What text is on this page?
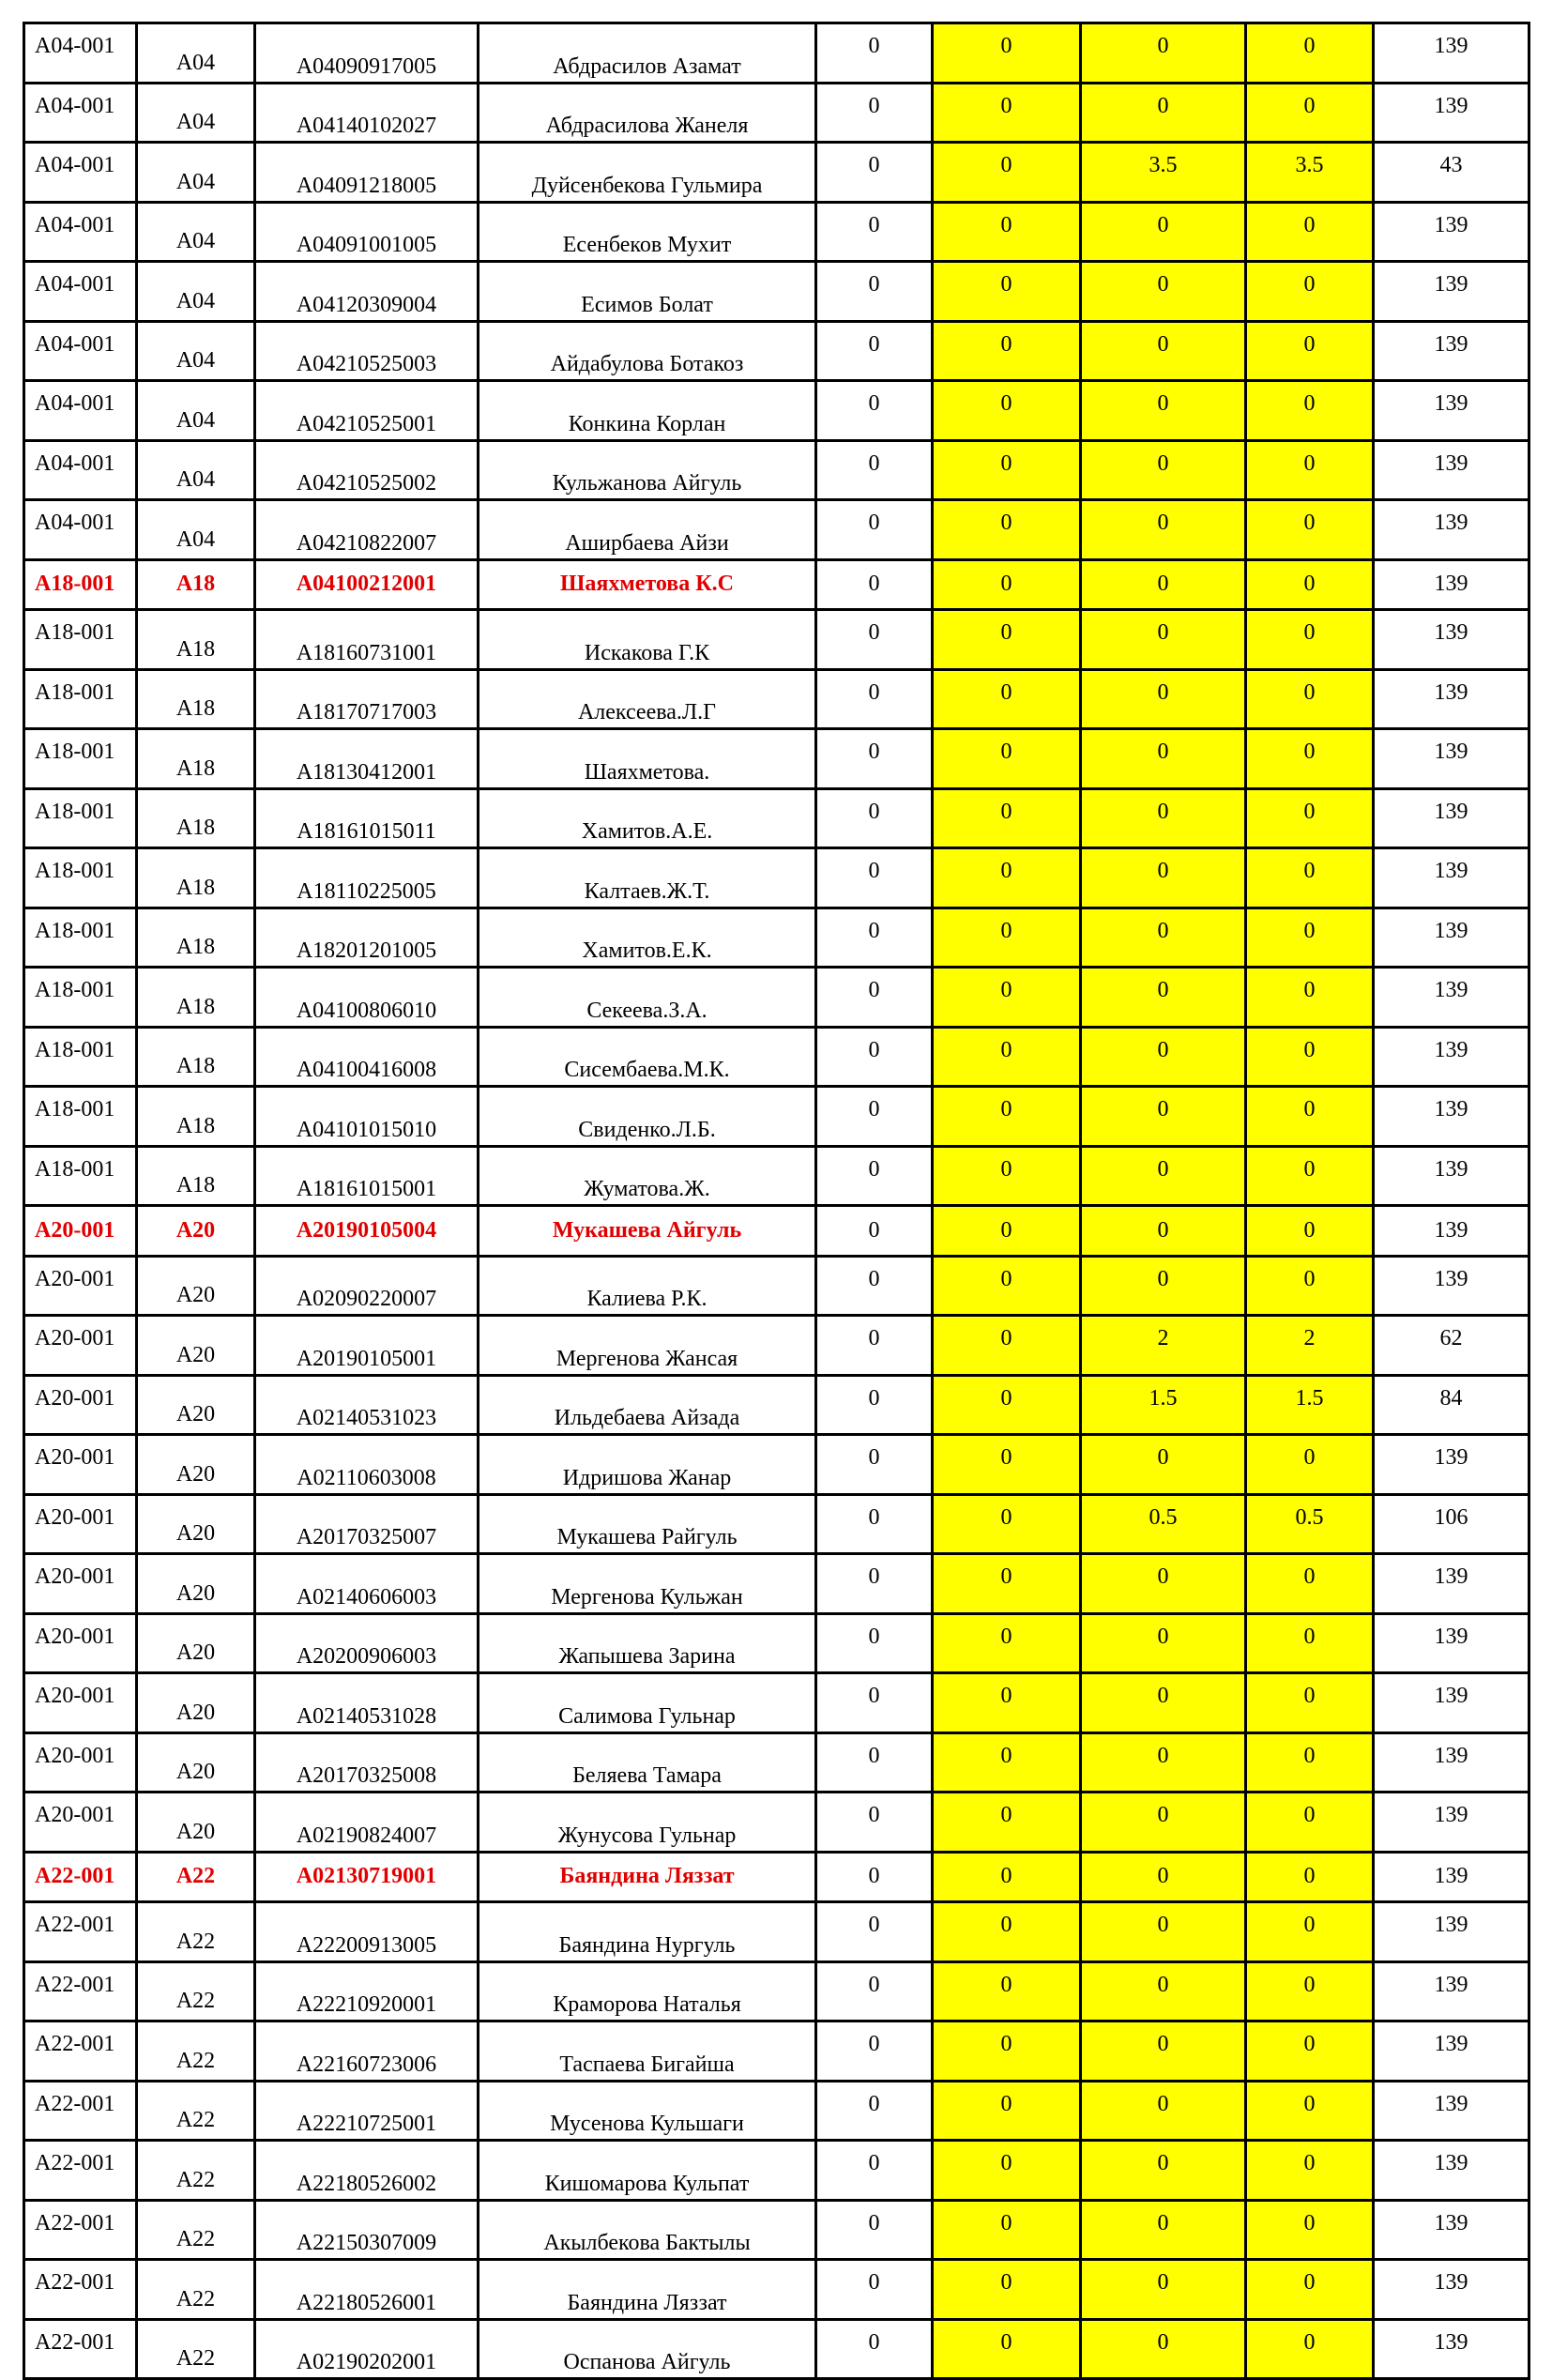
A04-001	A04	A04090917005	Абдрасилов Азамат	0	0	0	0	139
A04-001	A04	A04140102027	Абдрасилова Жанеля	0	0	0	0	139
A04-001	A04	A04091218005	Дуйсенбекова Гульмира	0	0	3.5	3.5	43
A04-001	A04	A04091001005	Есенбеков Мухит	0	0	0	0	139
A04-001	A04	A04120309004	Есимов Болат	0	0	0	0	139
A04-001	A04	A04210525003	Айдабулова Ботакоз	0	0	0	0	139
A04-001	A04	A04210525001	Конкина Корлан	0	0	0	0	139
A04-001	A04	A04210525002	Кульжанова Айгуль	0	0	0	0	139
A04-001	A04	A04210822007	Аширбаева Айзи	0	0	0	0	139
A18-001	A18	A04100212001	Шаяхметова К.С	0	0	0	0	139
A18-001	A18	A18160731001	Искакова Г.К	0	0	0	0	139
A18-001	A18	A18170717003	Алексеева.Л.Г	0	0	0	0	139
A18-001	A18	A18130412001	Шаяхметова.	0	0	0	0	139
A18-001	A18	A18161015011	Хамитов.А.Е.	0	0	0	0	139
A18-001	A18	A18110225005	Калтаев.Ж.Т.	0	0	0	0	139
A18-001	A18	A18201201005	Хамитов.Е.К.	0	0	0	0	139
A18-001	A18	A04100806010	Секеева.З.А.	0	0	0	0	139
A18-001	A18	A04100416008	Сисембаева.М.К.	0	0	0	0	139
A18-001	A18	A04101015010	Свиденко.Л.Б.	0	0	0	0	139
A18-001	A18	A18161015001	Жуматова.Ж.	0	0	0	0	139
A20-001	A20	A20190105004	Мукашева Айгуль	0	0	0	0	139
A20-001	A20	A02090220007	Калиева Р.К.	0	0	0	0	139
A20-001	A20	A20190105001	Мергенова Жансая	0	0	2	2	62
A20-001	A20	A02140531023	Ильдебаева Айзада	0	0	1.5	1.5	84
A20-001	A20	A02110603008	Идришова Жанар	0	0	0	0	139
A20-001	A20	A20170325007	Мукашева Райгуль	0	0	0.5	0.5	106
A20-001	A20	A02140606003	Мергенова Кульжан	0	0	0	0	139
A20-001	A20	A20200906003	Жапышева Зарина	0	0	0	0	139
A20-001	A20	A02140531028	Салимова Гульнар	0	0	0	0	139
A20-001	A20	A20170325008	Беляева Тамара	0	0	0	0	139
A20-001	A20	A02190824007	Жунусова Гульнар	0	0	0	0	139
A22-001	A22	A02130719001	Баяндина Ляззат	0	0	0	0	139
A22-001	A22	A22200913005	Баяндина Нургуль	0	0	0	0	139
A22-001	A22	A22210920001	Краморова Наталья	0	0	0	0	139
A22-001	A22	A22160723006	Таспаева Бигайша	0	0	0	0	139
A22-001	A22	A22210725001	Мусенова Кульшаги	0	0	0	0	139
A22-001	A22	A22180526002	Кишомарова Кульпат	0	0	0	0	139
A22-001	A22	A22150307009	Акылбекова Бактылы	0	0	0	0	139
A22-001	A22	A22180526001	Баяндина Ляззат	0	0	0	0	139
A22-001	A22	A02190202001	Оспанова Айгуль	0	0	0	0	139
